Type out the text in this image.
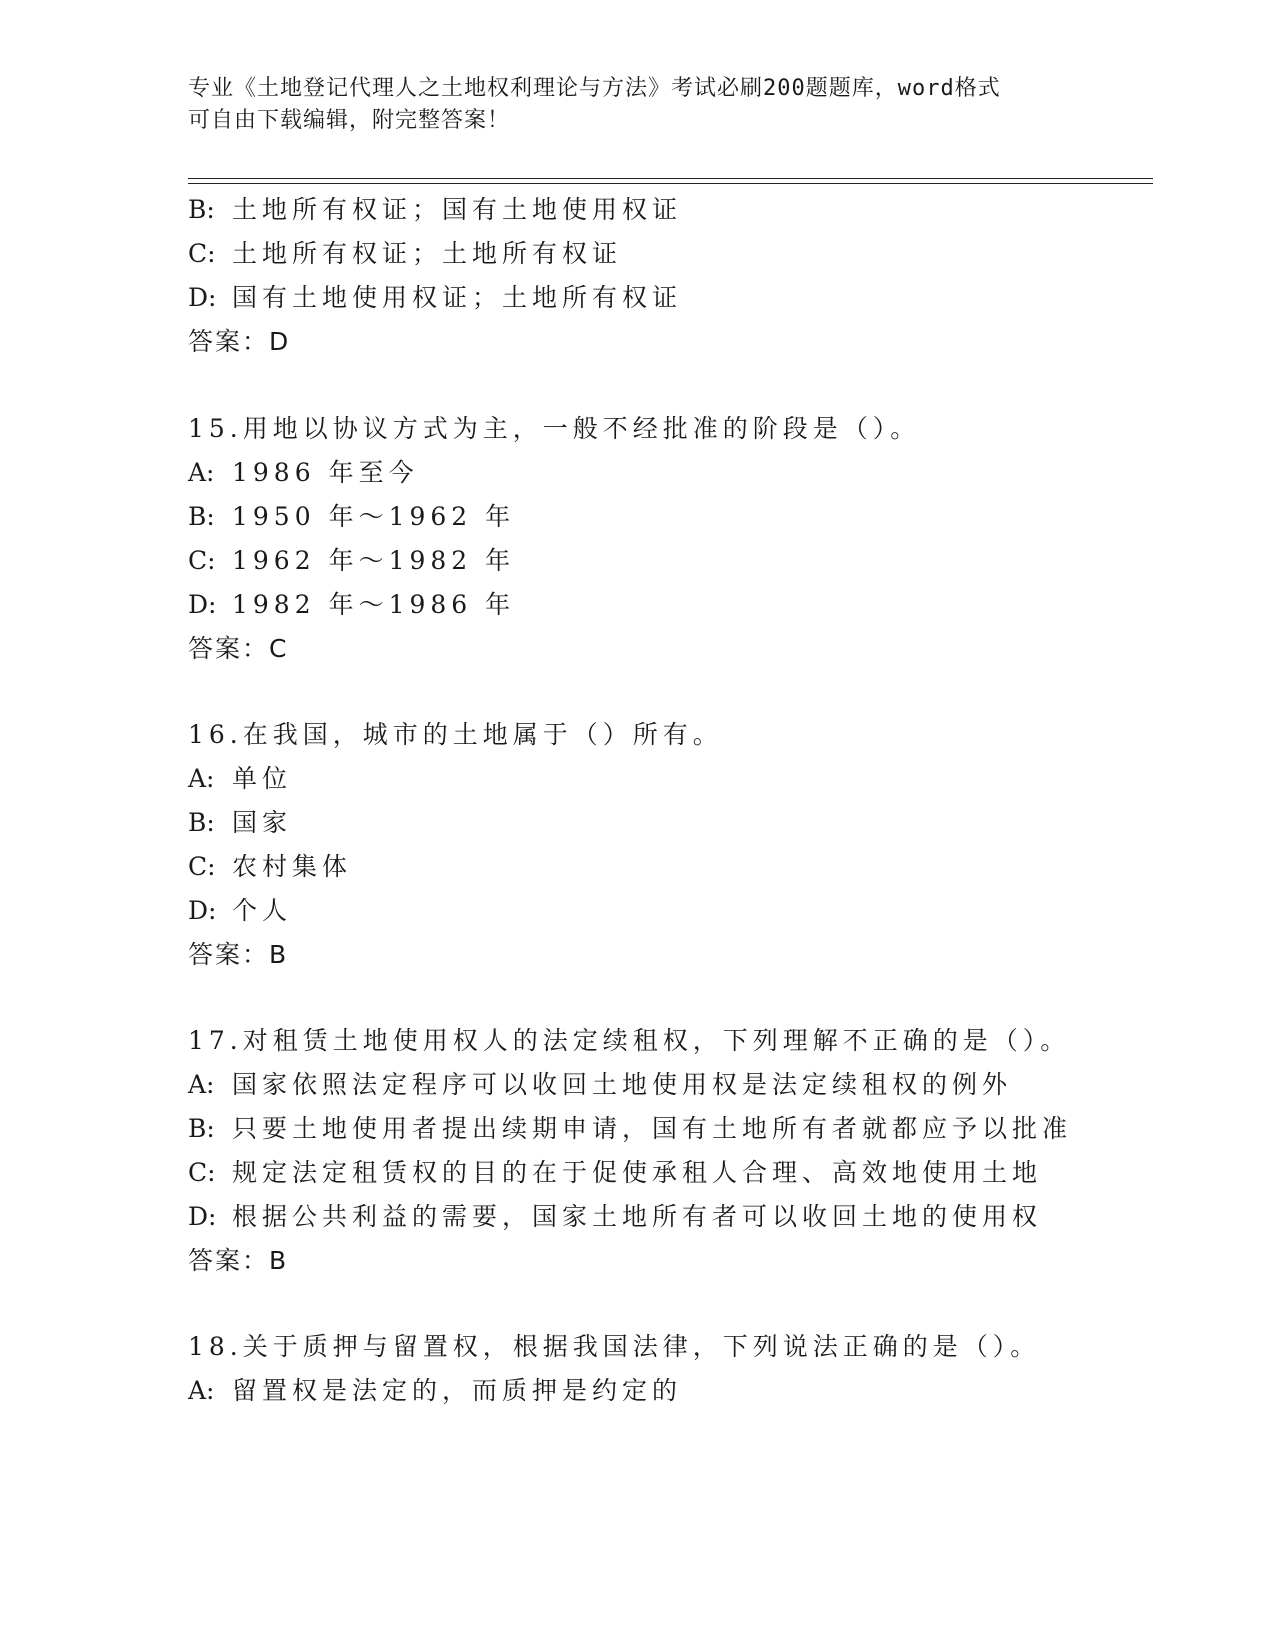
专业《土地登记代理人之土地权利理论与方法》考试必刷200题题库，word格式
可自由下载编辑，附完整答案！
B: 土地所有权证；国有土地使用权证
C: 土地所有权证；土地所有权证
D: 国有土地使用权证；土地所有权证
答案：D
15.用地以协议方式为主，一般不经批准的阶段是（）。
A: 1986 年至今
B: 1950 年～1962 年
C: 1962 年～1982 年
D: 1982 年～1986 年
答案：C
16.在我国，城市的土地属于（）所有。
A: 单位
B: 国家
C: 农村集体
D: 个人
答案：B
17.对租赁土地使用权人的法定续租权，下列理解不正确的是（）。
A: 国家依照法定程序可以收回土地使用权是法定续租权的例外
B: 只要土地使用者提出续期申请，国有土地所有者就都应予以批准
C: 规定法定租赁权的目的在于促使承租人合理、高效地使用土地
D: 根据公共利益的需要，国家土地所有者可以收回土地的使用权
答案：B
18.关于质押与留置权，根据我国法律，下列说法正确的是（）。
A: 留置权是法定的，而质押是约定的
